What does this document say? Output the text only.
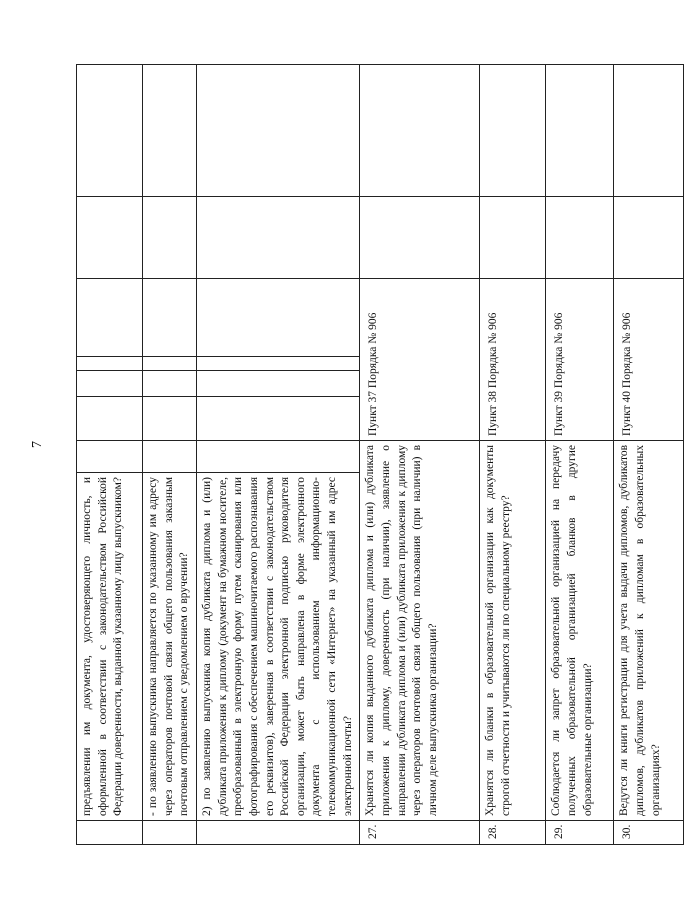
7
	предъявлении им документа, удостоверяющего личность, и оформленной в соответствии с законодательством Российской Федерации доверенности, выданной указанному лицу выпускником?							
	- по заявлению выпускника направляется по указанному им адресу через операторов почтовой связи общего пользования заказным почтовым отправлением с уведомлением о вручении?							
	2) по заявлению выпускника копия дубликата диплома и (или) дубликата приложения к диплому (документ на бумажном носителе, преобразованный в электронную форму путем сканирования или фотографирования с обеспечением машиночитаемого распознавания его реквизитов), заверенная в соответствии с законодательством Российской Федерации электронной подписью руководителя организации, может быть направлена в форме электронного документа с использованием информационно-телекоммуникационной сети «Интернет» на указанный им адрес электронной почты?							
27.	Хранятся ли копия выданного дубликата диплома и (или) дубликата приложения к диплому, доверенность (при наличии), заявление о направлении дубликата диплома и (или) дубликата приложения к диплому через операторов почтовой связи общего пользования (при наличии) в личном деле выпускника организации?		Пункт 37 Порядка № 906					
28.	Хранятся ли бланки в образовательной организации как документы строгой отчетности и учитываются ли по специальному реестру?		Пункт 38 Порядка № 906					
29.	Соблюдается ли запрет образовательной организацией на передачу полученных образовательной организацией бланков в другие образовательные организации?		Пункт 39 Порядка № 906					
30.	Ведутся ли книги регистрации для учета выдачи дипломов, дубликатов дипломов, дубликатов приложений к дипломам в образовательных организациях?		Пункт 40 Порядка № 906					
